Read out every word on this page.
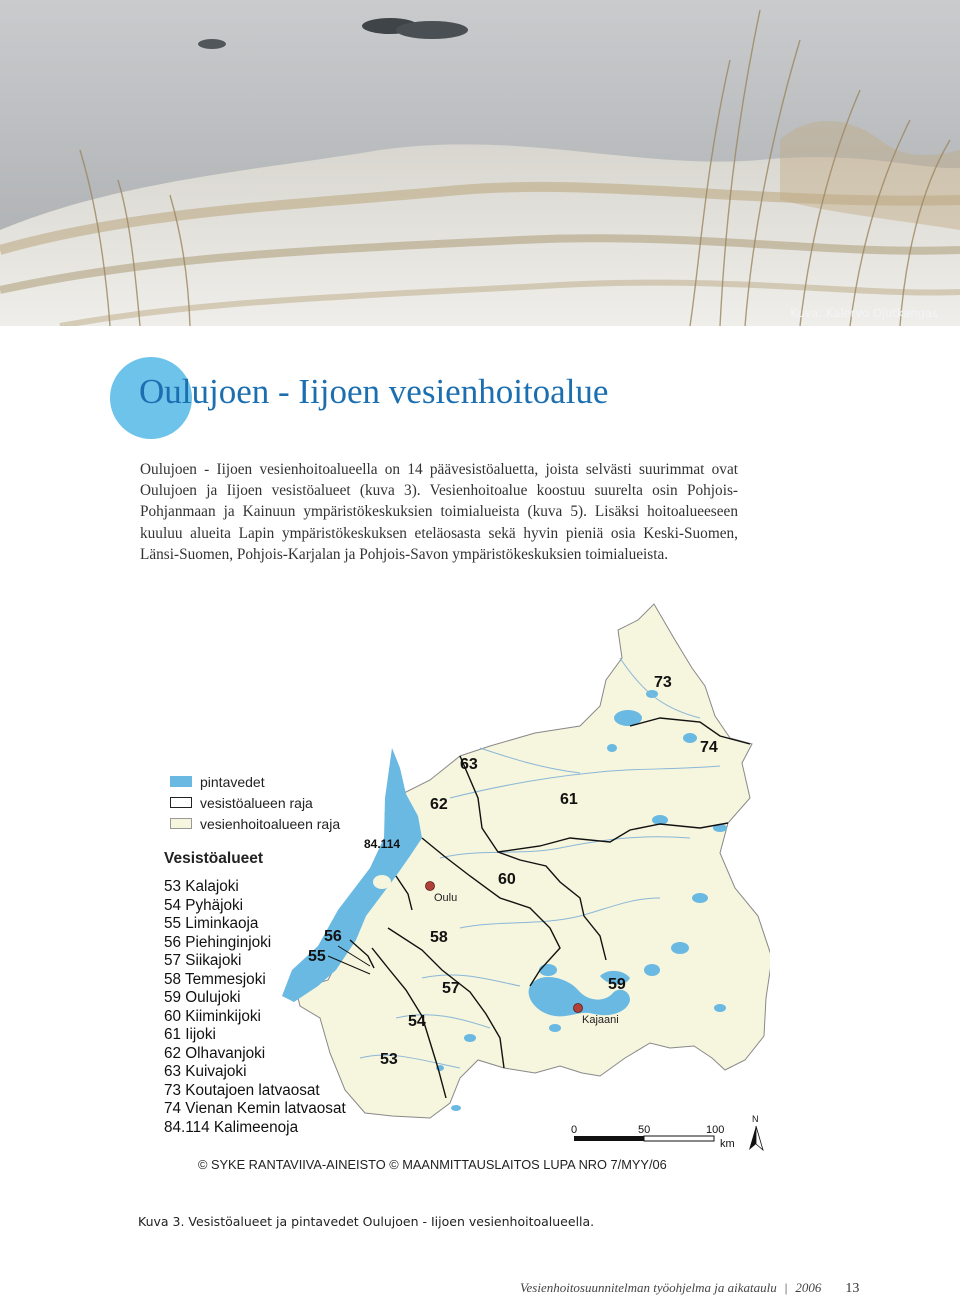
Kuva: Kalervo Ojutkangas
Oulujoen - Iijoen vesienhoitoalue

Oulujoen - Iijoen vesienhoitoalueella on 14 päävesistöaluetta, joista selvästi suurimmat ovat Oulujoen ja Iijoen vesistöalueet (kuva 3). Vesienhoitoalue koostuu suurelta osin Pohjois-Pohjanmaan ja Kainuun ympäristökeskuksien toimialueista (kuva 5). Lisäksi hoitoalueeseen kuuluu alueita Lapin ympäristökeskuksen eteläosasta sekä hyvin pieniä osia Keski-Suomen, Länsi-Suomen, Pohjois-Karjalan ja Pohjois-Savon ympäristökeskuksien toimialueista.

73
74
63
62	61
84.114
60
58
56
55
57	59
54
53
Oulu
Kajaani
0	50	100
km
N
pintavedet
vesistöalueen raja
vesienhoitoalueen raja
Vesistöalueet
53 Kalajoki
54 Pyhäjoki
55 Liminkaoja
56 Piehinginjoki
57 Siikajoki
58 Temmesjoki
59 Oulujoki
60 Kiiminkijoki
61 Iijoki
62 Olhavanjoki
63 Kuivajoki
73 Koutajoen latvaosat
74 Vienan Kemin latvaosat
84.114 Kalimeenoja
© SYKE RANTAVIIVA-AINEISTO © MAANMITTAUSLAITOS LUPA NRO 7/MYY/06
Kuva 3. Vesistöalueet ja pintavedet Oulujoen - Iijoen vesienhoitoalueella.
Vesienhoitosuunnitelman työohjelma ja aikataulu | 2006 13
